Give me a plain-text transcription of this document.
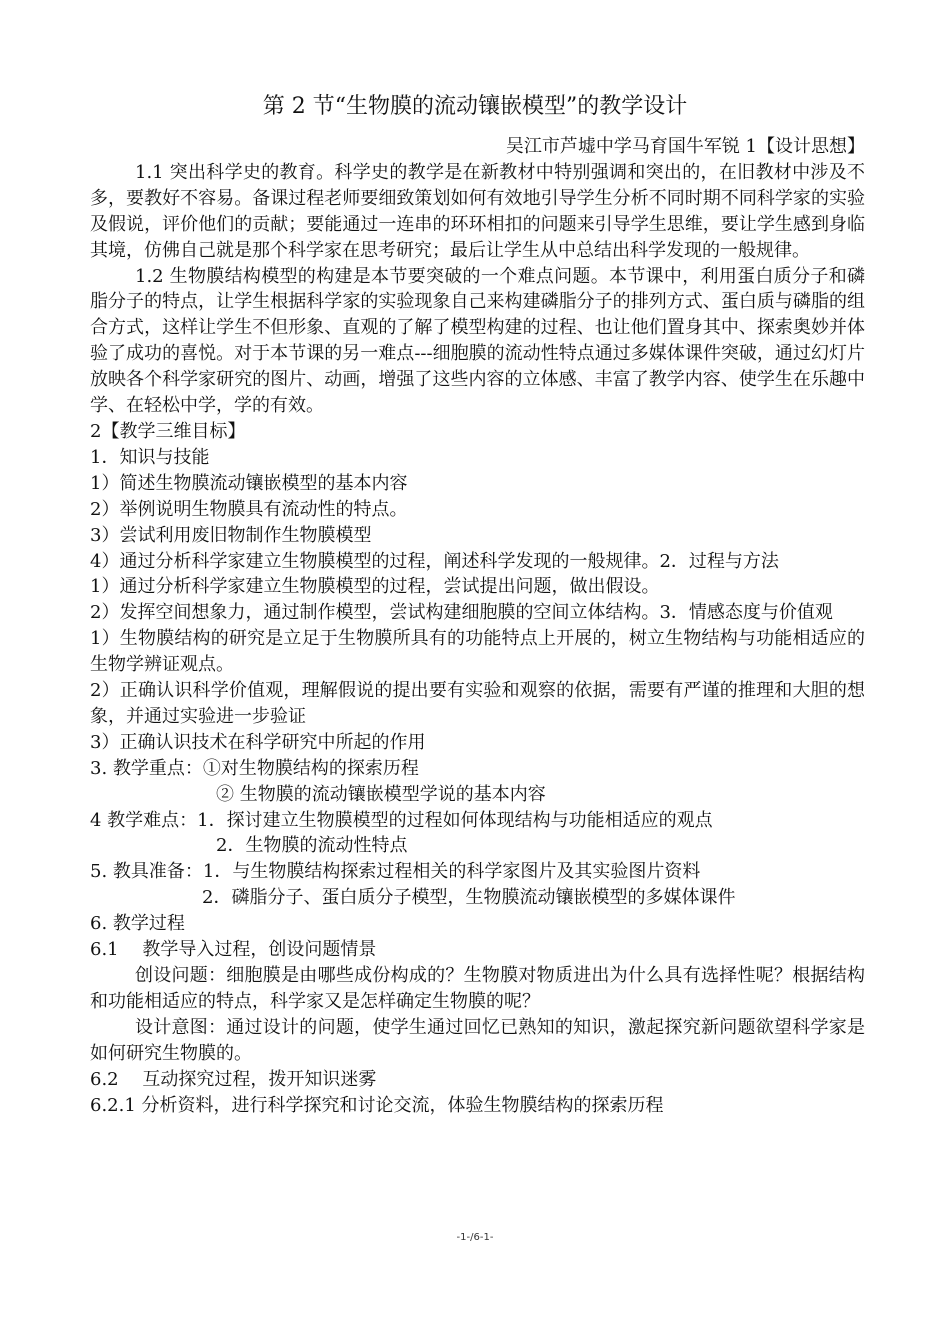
第 2 节“生物膜的流动镶嵌模型”的教学设计
吴江市芦墟中学马育国牛军锐 1【设计思想】

1.1 突出科学史的教育。科学史的教学是在新教材中特别强调和突出的，在旧教材中涉及不多，要教好不容易。备课过程老师要细致策划如何有效地引导学生分析不同时期不同科学家的实验及假说，评价他们的贡献；要能通过一连串的环环相扣的问题来引导学生思维，要让学生感到身临其境，仿佛自己就是那个科学家在思考研究；最后让学生从中总结出科学发现的一般规律。

1.2 生物膜结构模型的构建是本节要突破的一个难点问题。本节课中，利用蛋白质分子和磷脂分子的特点，让学生根据科学家的实验现象自己来构建磷脂分子的排列方式、蛋白质与磷脂的组合方式，这样让学生不但形象、直观的了解了模型构建的过程、也让他们置身其中、探索奥妙并体验了成功的喜悦。对于本节课的另一难点---细胞膜的流动性特点通过多媒体课件突破，通过幻灯片放映各个科学家研究的图片、动画，增强了这些内容的立体感、丰富了教学内容、使学生在乐趣中学、在轻松中学，学的有效。

2【教学三维目标】

1．知识与技能

1）简述生物膜流动镶嵌模型的基本内容

2）举例说明生物膜具有流动性的特点。

3）尝试利用废旧物制作生物膜模型

4）通过分析科学家建立生物膜模型的过程，阐述科学发现的一般规律。2．过程与方法

1）通过分析科学家建立生物膜模型的过程，尝试提出问题，做出假设。

2）发挥空间想象力，通过制作模型，尝试构建细胞膜的空间立体结构。3．情感态度与价值观

1）生物膜结构的研究是立足于生物膜所具有的功能特点上开展的，树立生物结构与功能相适应的生物学辨证观点。

2）正确认识科学价值观，理解假说的提出要有实验和观察的依据，需要有严谨的推理和大胆的想象，并通过实验进一步验证

3）正确认识技术在科学研究中所起的作用

3. 教学重点：①对生物膜结构的探索历程

② 生物膜的流动镶嵌模型学说的基本内容

4 教学难点：1．探讨建立生物膜模型的过程如何体现结构与功能相适应的观点

2．生物膜的流动性特点

5. 教具准备：1．与生物膜结构探索过程相关的科学家图片及其实验图片资料

2．磷脂分子、蛋白质分子模型，生物膜流动镶嵌模型的多媒体课件

6. 教学过程

6.1　 教学导入过程，创设问题情景

创设问题：细胞膜是由哪些成份构成的？生物膜对物质进出为什么具有选择性呢？根据结构和功能相适应的特点，科学家又是怎样确定生物膜的呢？

设计意图：通过设计的问题，使学生通过回忆已熟知的知识，激起探究新问题欲望科学家是如何研究生物膜的。

6.2　 互动探究过程，拨开知识迷雾

6.2.1 分析资料，进行科学探究和讨论交流，体验生物膜结构的探索历程

-1-/6-1-
